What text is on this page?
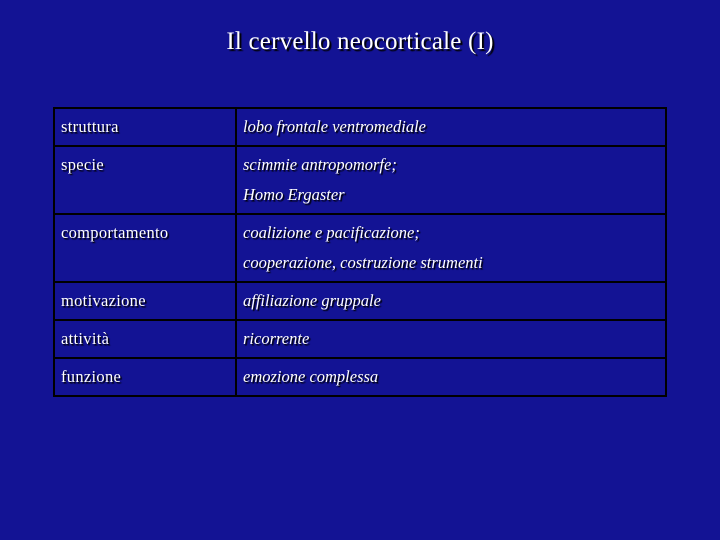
Il cervello neocorticale (I)
struttura	lobo frontale ventromediale

specie	scimmie antropomorfe;
Homo Ergaster

comportamento	coalizione e pacificazione;
cooperazione, costruzione strumenti

motivazione	affiliazione gruppale

attività	ricorrente

funzione	emozione complessa
